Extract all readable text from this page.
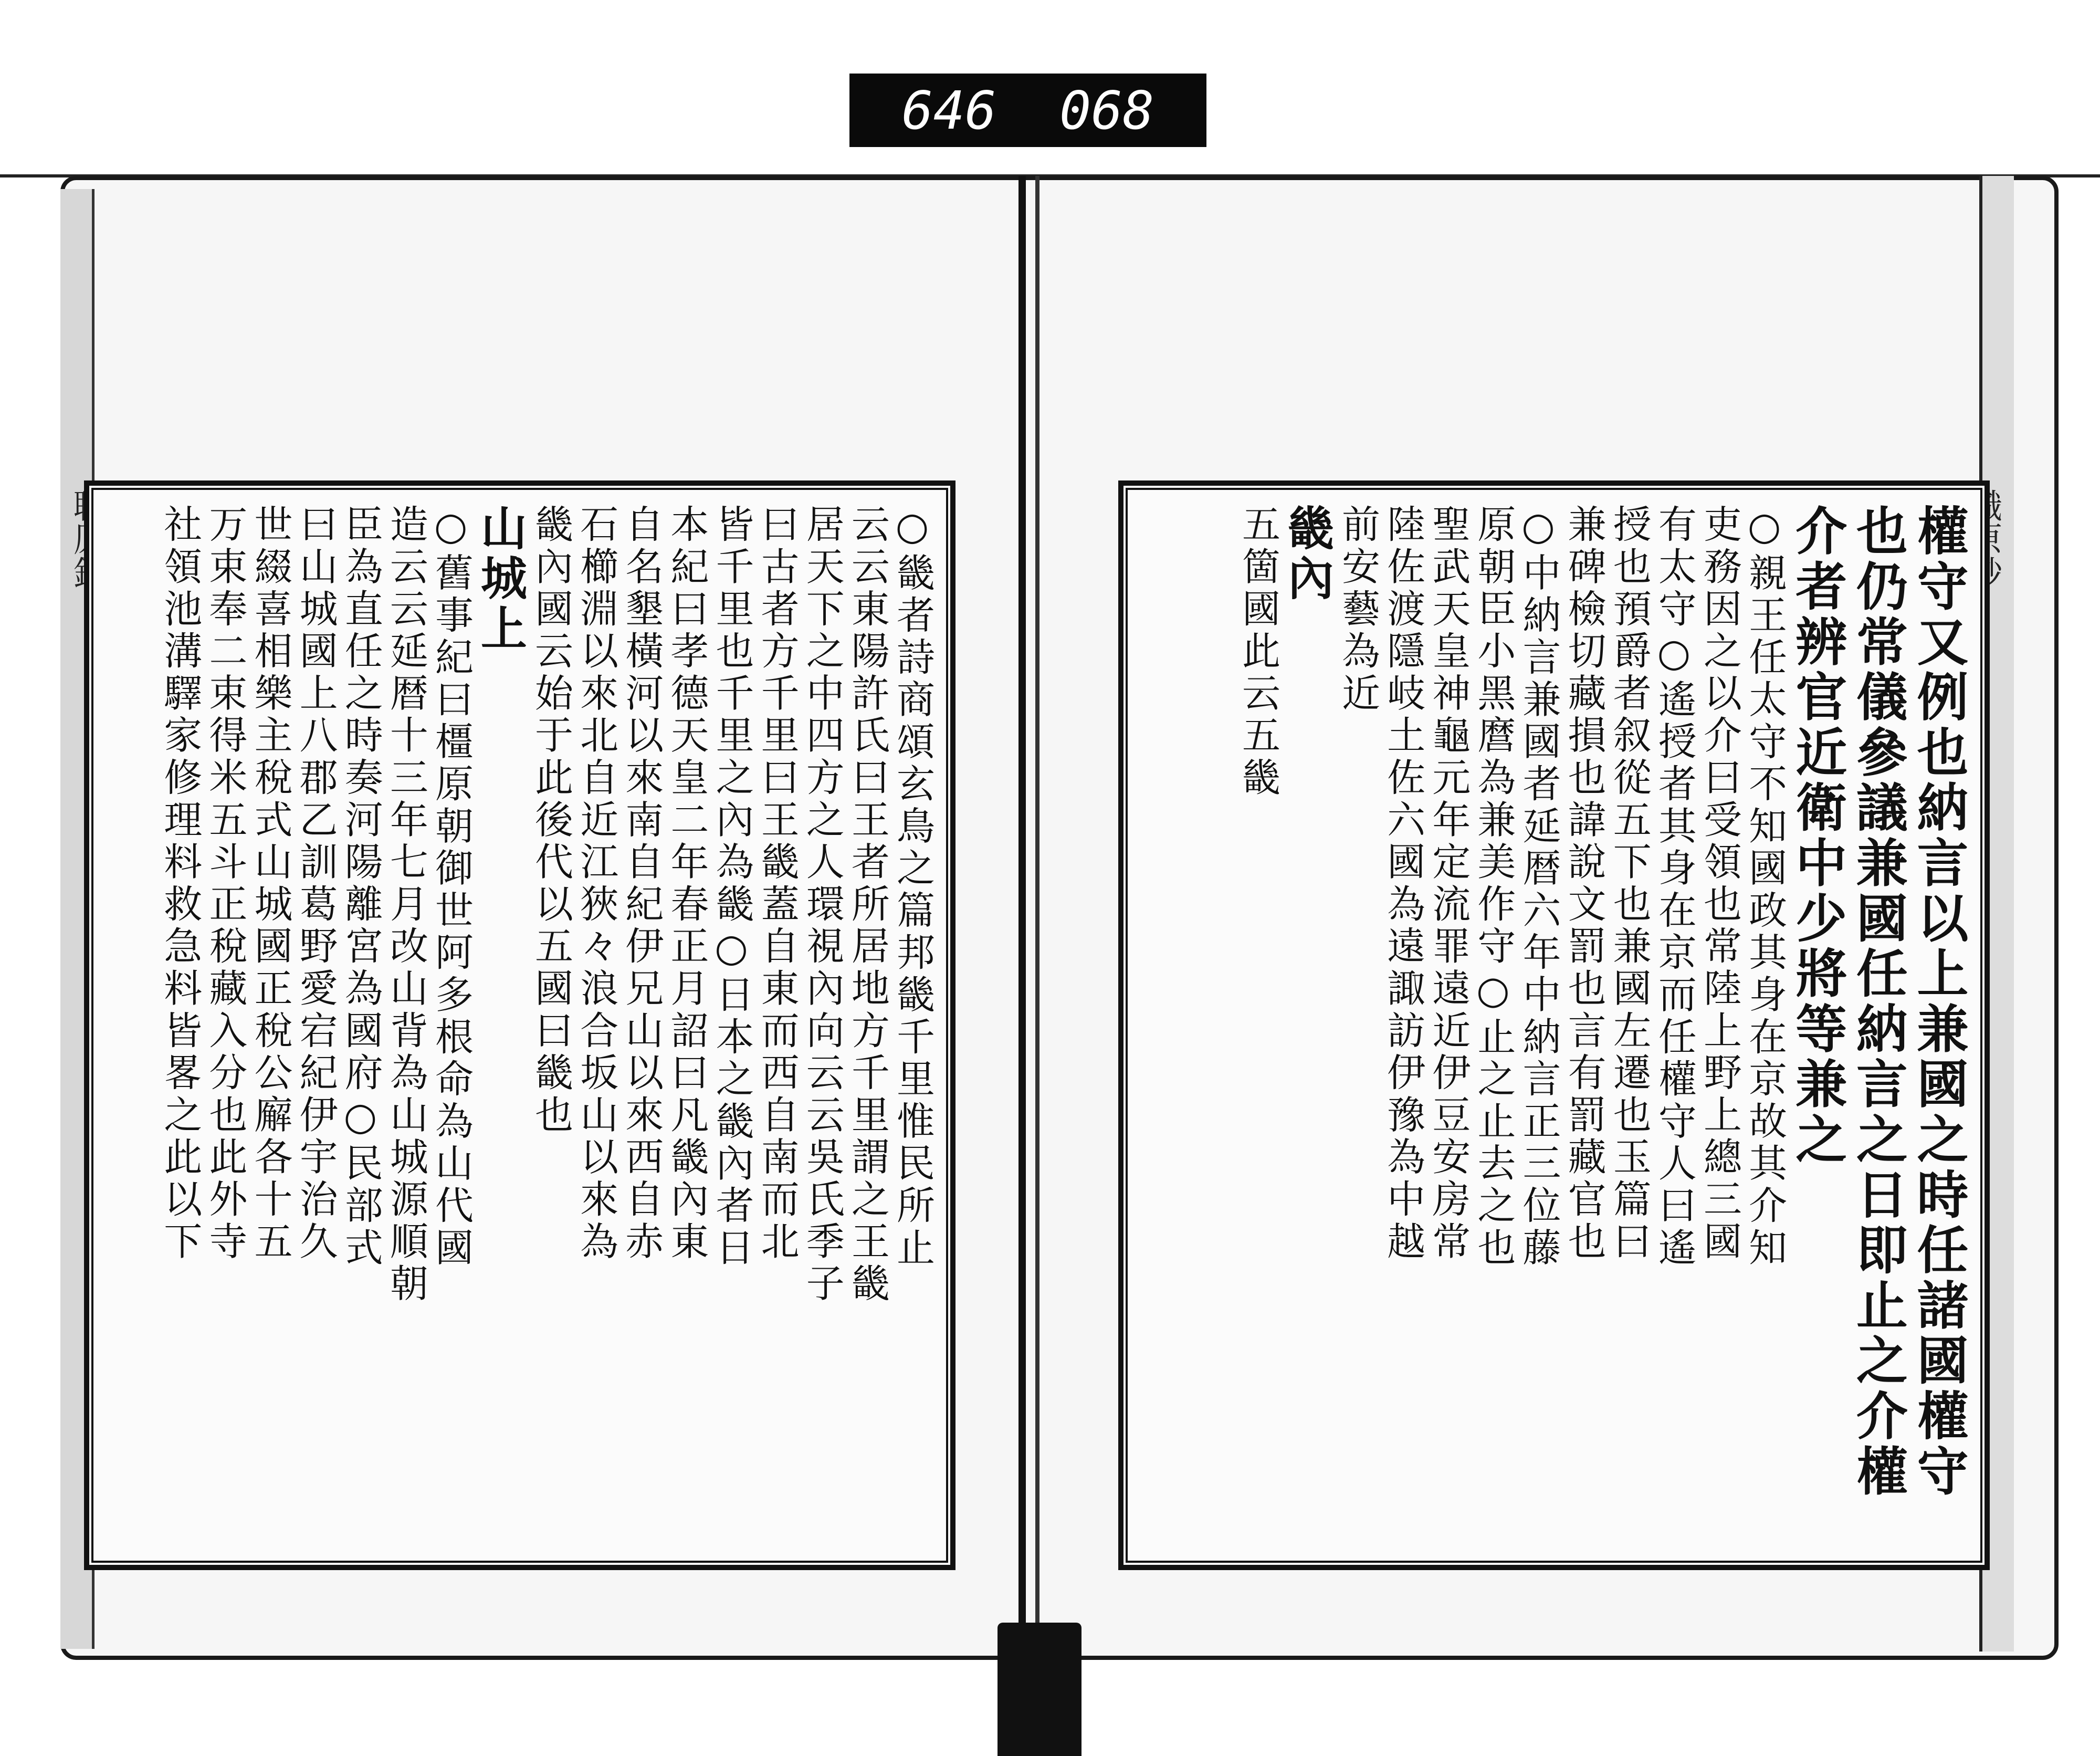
646 068
○畿者詩商頌玄鳥之篇邦畿千里惟民所止
云云東陽許氏曰王者所居地方千里謂之王畿
居天下之中四方之人環視內向云云吳氏季子
曰古者方千里曰王畿蓋自東而西自南而北
皆千里也千里之內為畿○日本之畿內者日
本紀曰孝德天皇二年春正月詔曰凡畿內東
自名墾橫河以來南自紀伊兄山以來西自赤
石櫛淵以來北自近江狹々浪合坂山以來為
畿內國云始于此後代以五國曰畿也
山城上
○舊事紀曰橿原朝御世阿多根命為山代國
造云云延暦十三年七月改山背為山城源順朝
臣為直任之時奏河陽離宮為國府○民部式
曰山城國上八郡乙訓葛野愛宕紀伊宇治久
世綴喜相樂主稅式山城國正稅公廨各十五
万束奉二束得米五斗正稅藏入分也此外寺
社領池溝驛家修理料救急料皆畧之此以下	權守又例也納言以上兼國之時任諸國權守
也仍常儀參議兼國任納言之日即止之介權
介者辨官近衛中少將等兼之
○親王任太守不知國政其身在京故其介知
吏務因之以介曰受領也常陸上野上總三國
有太守○遙授者其身在京而任權守人曰遙
授也預爵者叙從五下也兼國左遷也玉篇曰
兼碑檢切藏損也諱說文罰也言有罰藏官也
○中納言兼國者延暦六年中納言正三位藤
原朝臣小黑麿為兼美作守○止之止去之也
聖武天皇神龜元年定流罪遠近伊豆安房常
陸佐渡隱岐土佐六國為遠諏訪伊豫為中越
前安藝為近
畿內
五箇國此云五畿
